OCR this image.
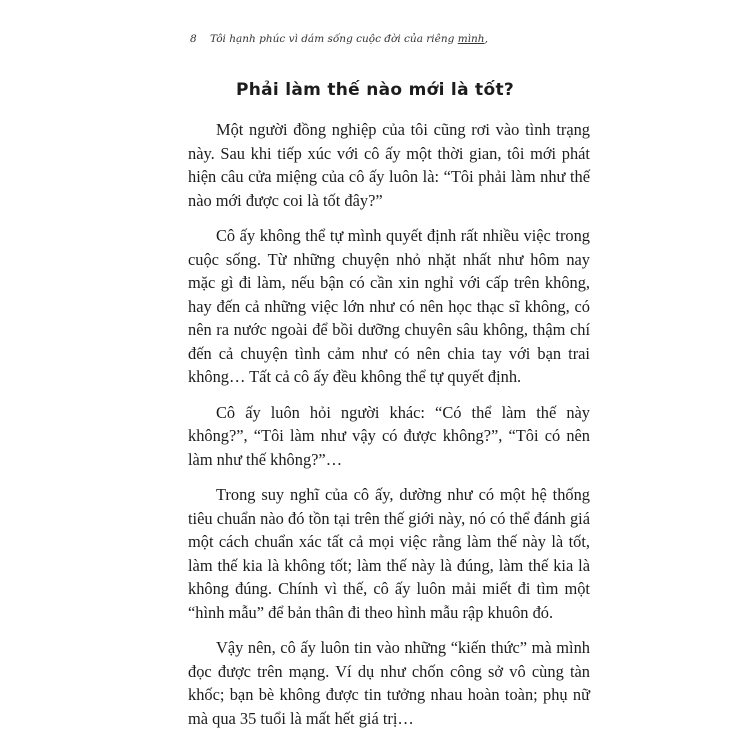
8 Tôi hạnh phúc vì dám sống cuộc đời của riêng mình,
Phải làm thế nào mới là tốt?

Một người đồng nghiệp của tôi cũng rơi vào tình trạng này. Sau khi tiếp xúc với cô ấy một thời gian, tôi mới phát hiện câu cửa miệng của cô ấy luôn là: “Tôi phải làm như thế nào mới được coi là tốt đây?”

Cô ấy không thể tự mình quyết định rất nhiều việc trong cuộc sống. Từ những chuyện nhỏ nhặt nhất như hôm nay mặc gì đi làm, nếu bận có cần xin nghỉ với cấp trên không, hay đến cả những việc lớn như có nên học thạc sĩ không, có nên ra nước ngoài để bồi dưỡng chuyên sâu không, thậm chí đến cả chuyện tình cảm như có nên chia tay với bạn trai không… Tất cả cô ấy đều không thể tự quyết định.

Cô ấy luôn hỏi người khác: “Có thể làm thế này không?”, “Tôi làm như vậy có được không?”, “Tôi có nên làm như thế không?”…

Trong suy nghĩ của cô ấy, dường như có một hệ thống tiêu chuẩn nào đó tồn tại trên thế giới này, nó có thể đánh giá một cách chuẩn xác tất cả mọi việc rằng làm thế này là tốt, làm thế kia là không tốt; làm thế này là đúng, làm thế kia là không đúng. Chính vì thế, cô ấy luôn mải miết đi tìm một “hình mẫu” để bản thân đi theo hình mẫu rập khuôn đó.

Vậy nên, cô ấy luôn tin vào những “kiến thức” mà mình đọc được trên mạng. Ví dụ như chốn công sở vô cùng tàn khốc; bạn bè không được tin tưởng nhau hoàn toàn; phụ nữ mà qua 35 tuổi là mất hết giá trị…
